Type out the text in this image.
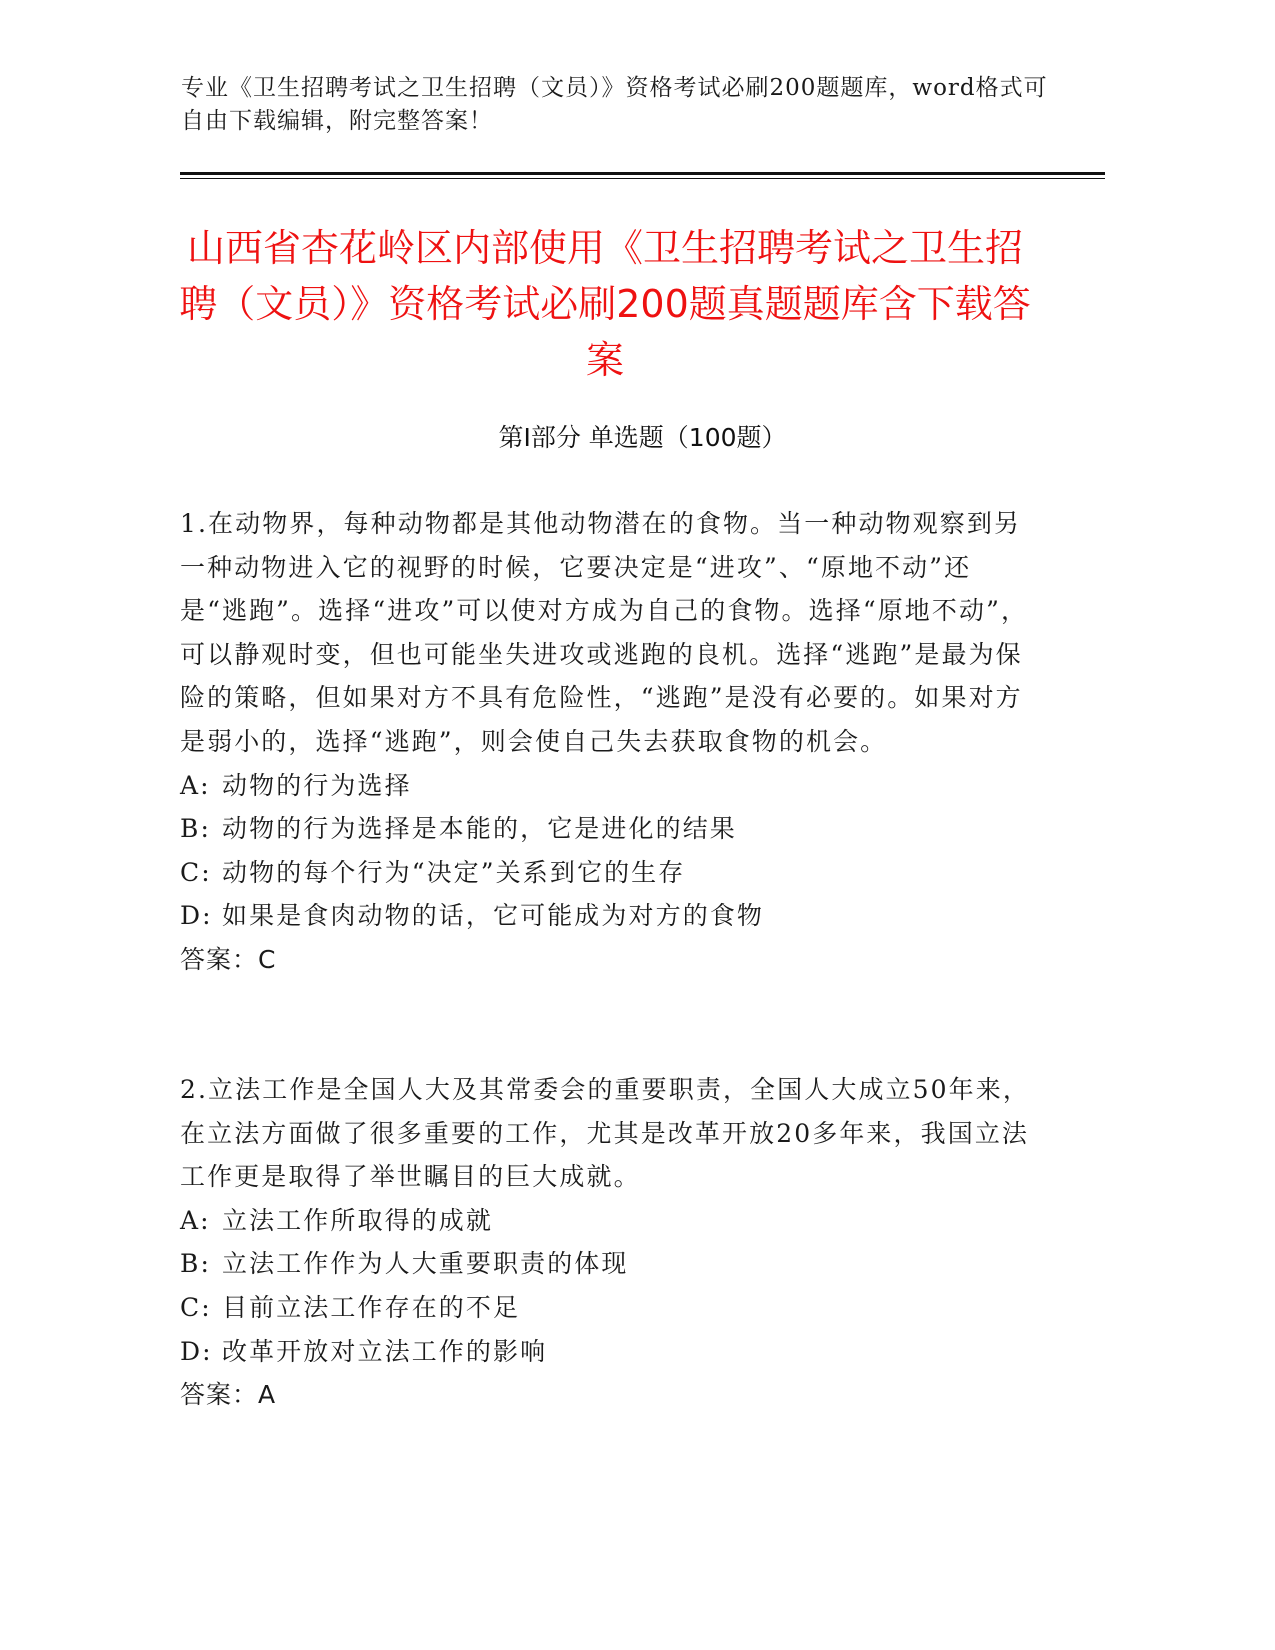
专业《卫生招聘考试之卫生招聘（文员）》资格考试必刷200题题库，word格式可自由下载编辑，附完整答案！
山西省杏花岭区内部使用《卫生招聘考试之卫生招聘（文员）》资格考试必刷200题真题题库含下载答案
第Ⅰ部分 单选题（100题）
1.在动物界，每种动物都是其他动物潜在的食物。当一种动物观察到另一种动物进入它的视野的时候，它要决定是“进攻”、“原地不动”还是“逃跑”。选择“进攻”可以使对方成为自己的食物。选择“原地不动”，可以静观时变，但也可能坐失进攻或逃跑的良机。选择“逃跑”是最为保险的策略，但如果对方不具有危险性，“逃跑”是没有必要的。如果对方是弱小的，选择“逃跑”，则会使自己失去获取食物的机会。
A: 动物的行为选择
B: 动物的行为选择是本能的，它是进化的结果
C: 动物的每个行为“决定”关系到它的生存
D: 如果是食肉动物的话，它可能成为对方的食物
答案：C
2.立法工作是全国人大及其常委会的重要职责，全国人大成立50年来，在立法方面做了很多重要的工作，尤其是改革开放20多年来，我国立法工作更是取得了举世瞩目的巨大成就。
A: 立法工作所取得的成就
B: 立法工作作为人大重要职责的体现
C: 目前立法工作存在的不足
D: 改革开放对立法工作的影响
答案：A
